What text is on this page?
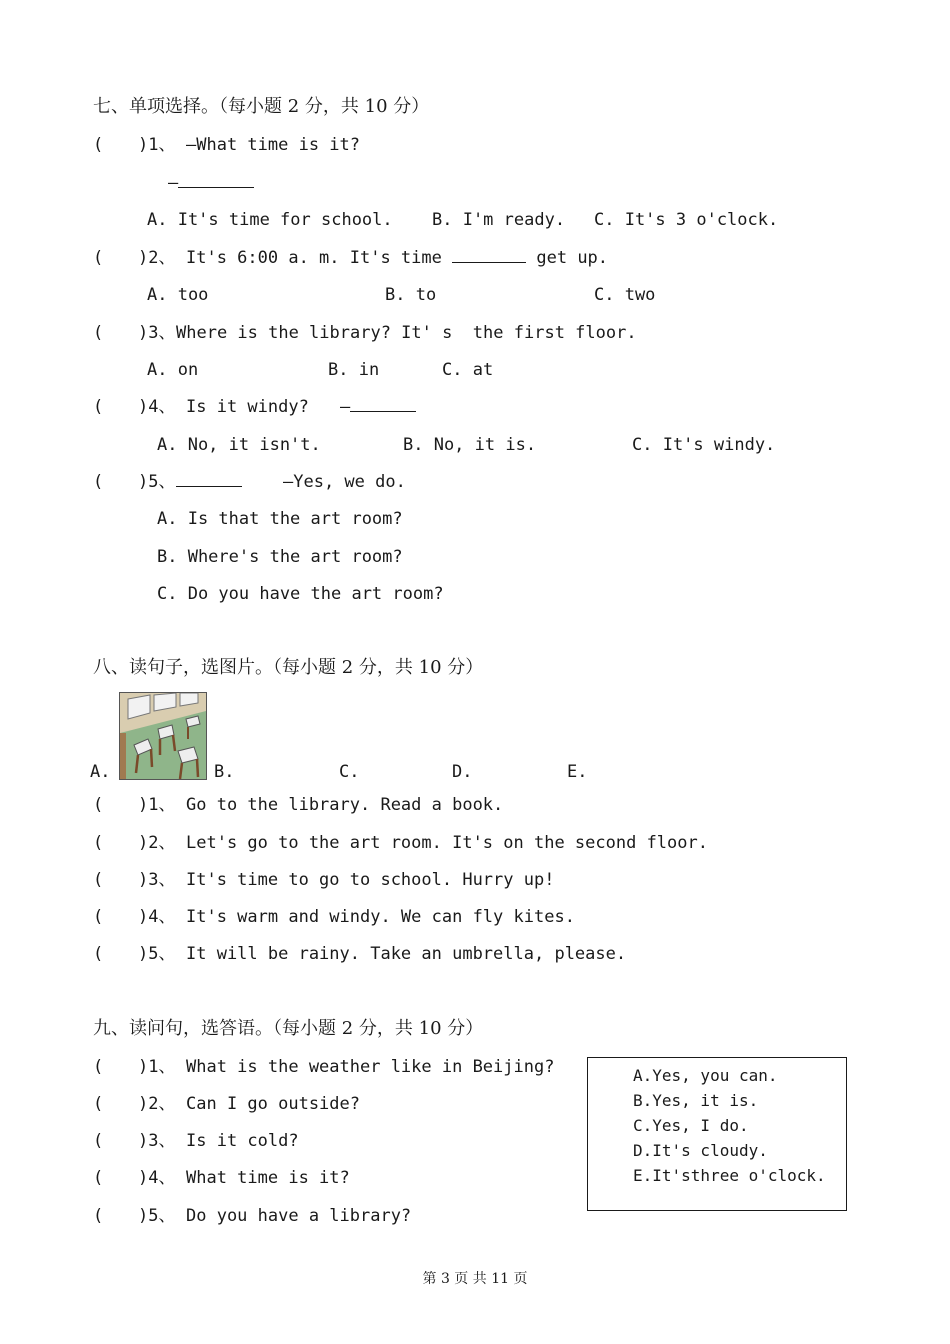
七、单项选择。（每小题 2 分，共 10 分）
( )1、 —What time is it?
—
A. It's time for school. B. I'm ready. C. It's 3 o'clock.
( )2、 It's 6:00 a. m. It's time	get up.
A. too	B. to	C. two
( )3、 Where is the library? It' s  the first floor.
A. on	B. in	C. at
( )4、 Is it windy? —
A. No, it isn't.	B. No, it is.	C. It's windy.
( )5、	—Yes, we do.
A. Is that the art room?
B. Where's the art room?
C. Do you have the art room?
八、读句子，选图片。（每小题 2 分，共 10 分）
A.	B.	C.	D.	E.
( )1、 Go to the library. Read a book.
( )2、 Let's go to the art room. It's on the second floor.
( )3、 It's time to go to school. Hurry up!
( )4、 It's warm and windy. We can fly kites.
( )5、 It will be rainy. Take an umbrella, please.
九、读问句，选答语。（每小题 2 分，共 10 分）
( )1、 What is the weather like in Beijing?
( )2、 Can I go outside?
( )3、 Is it cold?
( )4、 What time is it?
( )5、 Do you have a library?
A.Yes, you can.
B.Yes, it is.
C.Yes, I do.
D.It's cloudy.
E.It'sthree o'clock.
第 3 页 共 11 页
